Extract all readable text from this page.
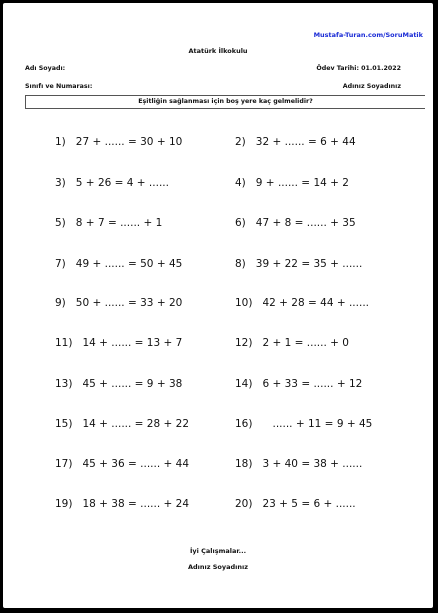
Mustafa-Turan.com/SoruMatik
Atatürk İlkokulu
Adı Soyadı:	Ödev Tarihi: 01.01.2022
Sınıfı ve Numarası:	Adınız Soyadınız
Eşitliğin sağlanması için boş yere kaç gelmelidir?
1)   27 + ...... = 30 + 10	2)   32 + ...... = 6 + 44
3)   5 + 26 = 4 + ......	4)   9 + ...... = 14 + 2
5)   8 + 7 = ...... + 1	6)   47 + 8 = ...... + 35
7)   49 + ...... = 50 + 45	8)   39 + 22 = 35 + ......
9)   50 + ...... = 33 + 20	10)   42 + 28 = 44 + ......
11)   14 + ...... = 13 + 7	12)   2 + 1 = ...... + 0
13)   45 + ...... = 9 + 38	14)   6 + 33 = ...... + 12
15)   14 + ...... = 28 + 22	16)      ...... + 11 = 9 + 45
17)   45 + 36 = ...... + 44	18)   3 + 40 = 38 + ......
19)   18 + 38 = ...... + 24	20)   23 + 5 = 6 + ......
İyi Çalışmalar...
Adınız Soyadınız
